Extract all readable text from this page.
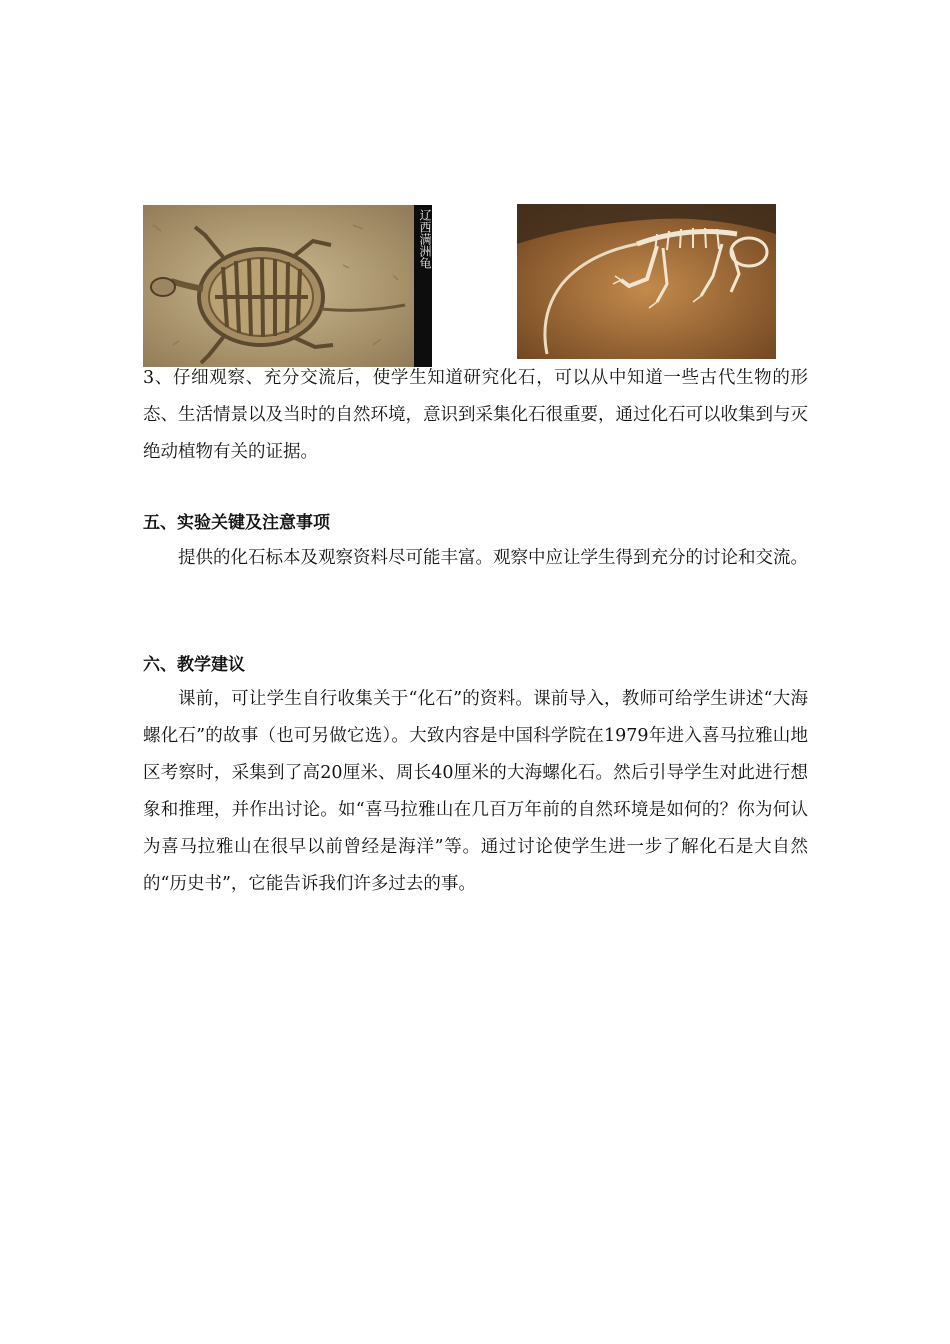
辽西满洲龟

3、仔细观察、充分交流后，使学生知道研究化石，可以从中知道一些古代生物的形态、生活情景以及当时的自然环境，意识到采集化石很重要，通过化石可以收集到与灭绝动植物有关的证据。

五、实验关键及注意事项

提供的化石标本及观察资料尽可能丰富。观察中应让学生得到充分的讨论和交流。

六、教学建议

课前，可让学生自行收集关于“化石”的资料。课前导入，教师可给学生讲述“大海螺化石”的故事（也可另做它选）。大致内容是中国科学院在1979年进入喜马拉雅山地区考察时，采集到了高20厘米、周长40厘米的大海螺化石。然后引导学生对此进行想象和推理，并作出讨论。如“喜马拉雅山在几百万年前的自然环境是如何的？你为何认为喜马拉雅山在很早以前曾经是海洋”等。通过讨论使学生进一步了解化石是大自然的“历史书”，它能告诉我们许多过去的事。
